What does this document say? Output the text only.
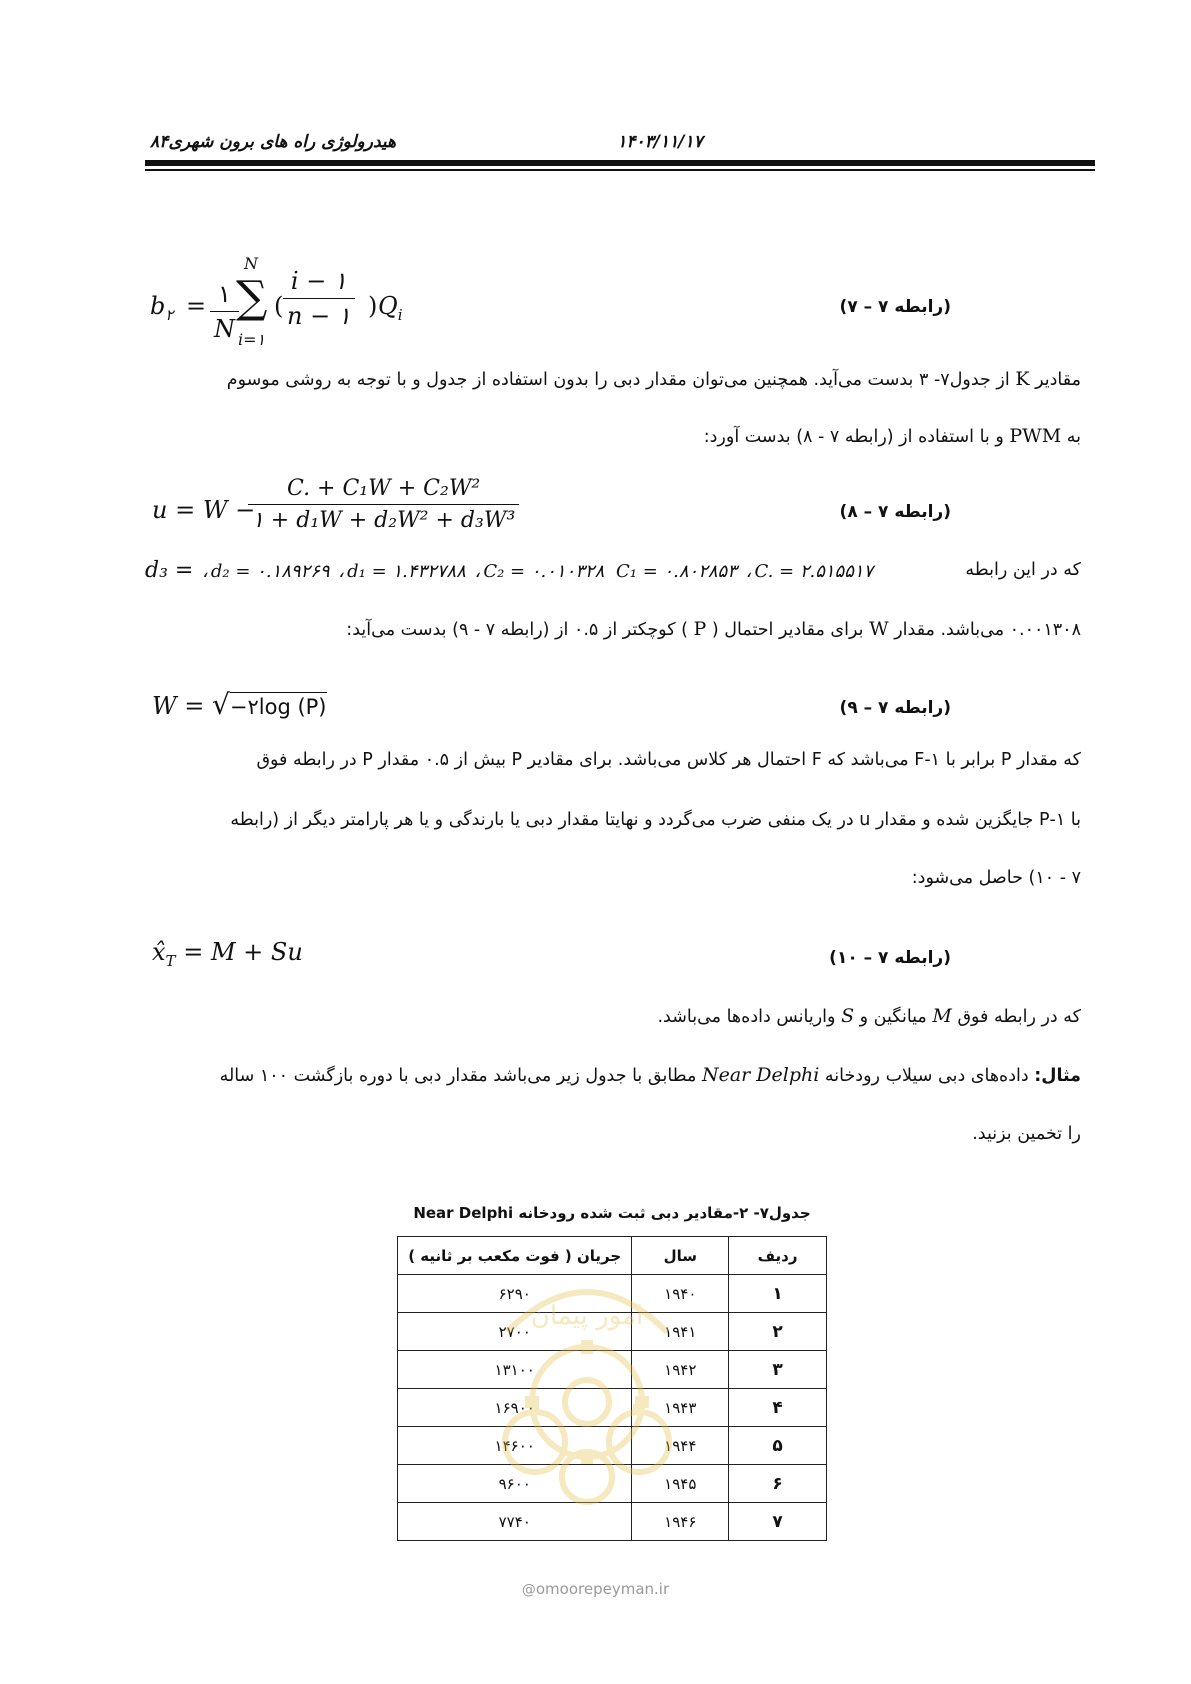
۸۴	۱۴۰۳/۱۱/۱۷
هیدرولوژی راه های برون شهری
$b_۲$ = ۱
N
N
∑
i=۱
( $\frac{i - ۱}{n - ۱}$ ) $Q_i$	(رابطه ۷ – ۷)
مقادیر K از جدول۷- ۳ بدست می‌آید. همچنین می‌توان مقدار دبی را بدون استفاده از جدول و با توجه به روشی موسوم
به PWM و با استفاده از (رابطه ۷ - ۸) بدست آورد:
u = W −
$\frac{\text{C. + C₁W + C₂W²}}{\text{۱ + d₁W + d₂W² + d₃W³}}$	(رابطه ۷ – ۸)
که در این رابطه
d₃ = ، d₂ = ۰.۱۸۹۲۶۹ ، d₁ = ۱.۴۳۲۷۸۸ ، C₂ = ۰.۰۱۰۳۲۸ C₁ = ۰.۸۰۲۸۵۳ ، C. = ۲.۵۱۵۵۱۷
۰.۰۰۱۳۰۸ می‌باشد. مقدار W برای مقادیر احتمال ( P ) کوچکتر از ۰.۵ از (رابطه ۷ - ۹) بدست می‌آید:
W = √−۲log (P)	(رابطه ۷ – ۹)
که مقدار P برابر با ۱-F می‌باشد که F احتمال هر کلاس می‌باشد. برای مقادیر P بیش از ۰.۵ مقدار P در رابطه فوق
با ۱-P جایگزین شده و مقدار u در یک منفی ضرب می‌گردد و نهایتا مقدار دبی یا بارندگی و یا هر پارامتر دیگر از (رابطه
۷ - ۱۰) حاصل می‌شود:
$x̂_T = M + Su$	(رابطه ۷ – ۱۰)
که در رابطه فوق M میانگین و S واریانس داده‌ها می‌باشد.
مثال: داده‌های دبی سیلاب رودخانه Near Delphi مطابق با جدول زیر می‌باشد مقدار دبی با دوره بازگشت ۱۰۰ ساله
را تخمین بزنید.
جدول۷- ۲-مقادیر دبی ثبت شده رودخانه Near Delphi
ردیف	سال	جریان ( فوت مکعب بر ثانیه )
۱	۱۹۴۰	۶۲۹۰
۲	۱۹۴۱	۲۷۰۰
۳	۱۹۴۲	۱۳۱۰۰
۴	۱۹۴۳	۱۶۹۰۰
۵	۱۹۴۴	۱۴۶۰۰
۶	۱۹۴۵	۹۶۰۰
۷	۱۹۴۶	۷۷۴۰
امور پیمان
@omoorepeyman.ir
